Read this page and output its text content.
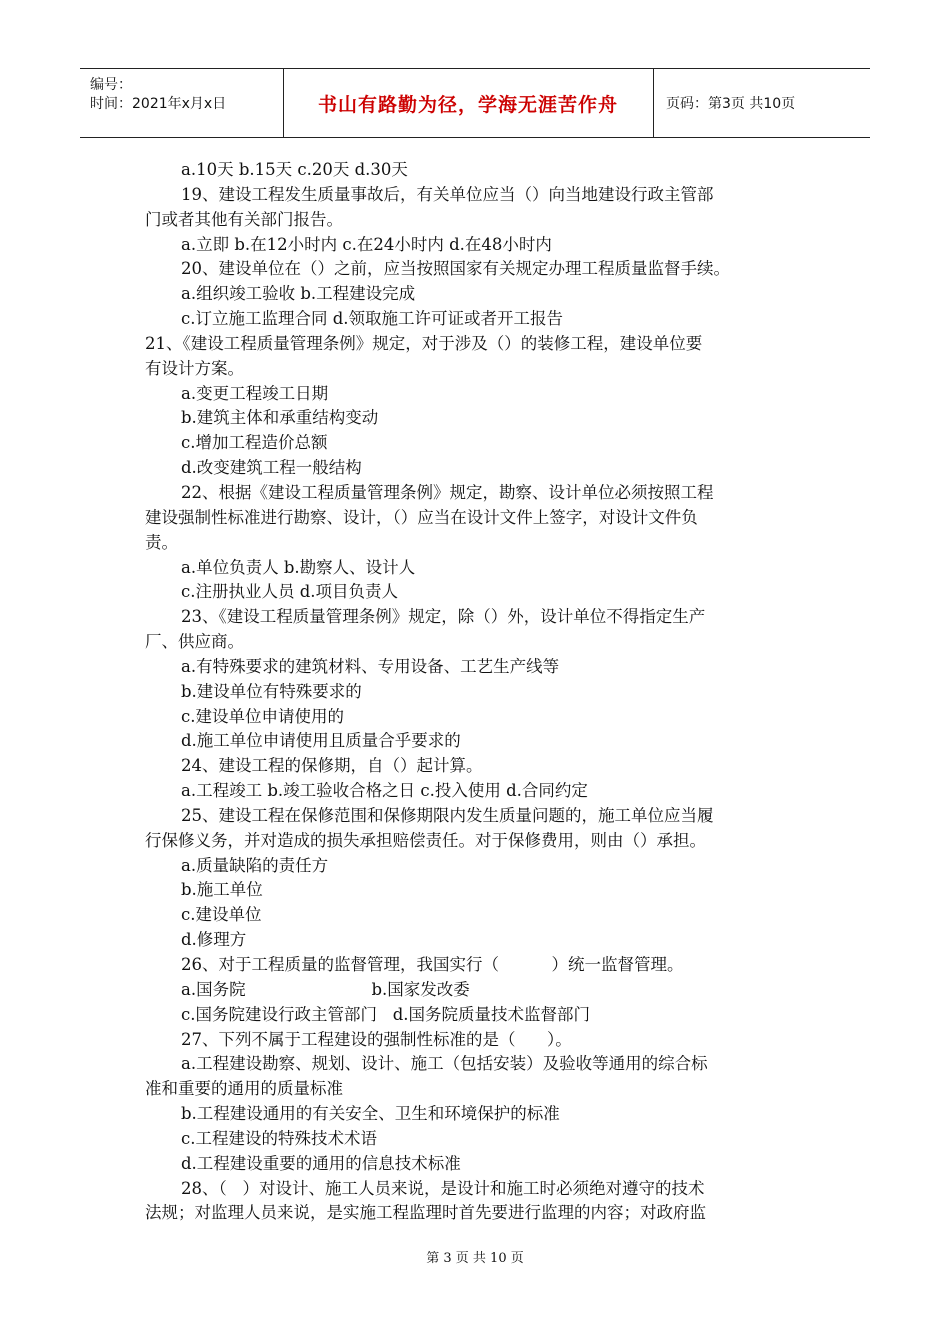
编号：
时间：2021年x月x日	书山有路勤为径，学海无涯苦作舟	页码：第3页 共10页
a.10天 b.15天 c.20天 d.30天
19、建设工程发生质量事故后，有关单位应当（）向当地建设行政主管部
门或者其他有关部门报告。
a.立即 b.在12小时内 c.在24小时内 d.在48小时内
20、建设单位在（）之前，应当按照国家有关规定办理工程质量监督手续。
a.组织竣工验收 b.工程建设完成
c.订立施工监理合同 d.领取施工许可证或者开工报告
21、《建设工程质量管理条例》规定，对于涉及（）的装修工程，建设单位要
有设计方案。
a.变更工程竣工日期
b.建筑主体和承重结构变动
c.增加工程造价总额
d.改变建筑工程一般结构
22、根据《建设工程质量管理条例》规定，勘察、设计单位必须按照工程
建设强制性标准进行勘察、设计，（）应当在设计文件上签字，对设计文件负
责。
a.单位负责人 b.勘察人、设计人
c.注册执业人员 d.项目负责人
23、《建设工程质量管理条例》规定，除（）外，设计单位不得指定生产
厂、供应商。
a.有特殊要求的建筑材料、专用设备、工艺生产线等
b.建设单位有特殊要求的
c.建设单位申请使用的
d.施工单位申请使用且质量合乎要求的
24、建设工程的保修期，自（）起计算。
a.工程竣工 b.竣工验收合格之日 c.投入使用 d.合同约定
25、建设工程在保修范围和保修期限内发生质量问题的，施工单位应当履
行保修义务，并对造成的损失承担赔偿责任。对于保修费用，则由（）承担。
a.质量缺陷的责任方
b.施工单位
c.建设单位
d.修理方
26、对于工程质量的监督管理，我国实行（          ）统一监督管理。
a.国务院                        b.国家发改委
c.国务院建设行政主管部门   d.国务院质量技术监督部门
27、下列不属于工程建设的强制性标准的是（      ）。
a.工程建设勘察、规划、设计、施工（包括安装）及验收等通用的综合标
准和重要的通用的质量标准
b.工程建设通用的有关安全、卫生和环境保护的标准
c.工程建设的特殊技术术语
d.工程建设重要的通用的信息技术标准
28、（   ）对设计、施工人员来说，是设计和施工时必须绝对遵守的技术
法规；对监理人员来说，是实施工程监理时首先要进行监理的内容；对政府监
第 3 页 共 10 页
